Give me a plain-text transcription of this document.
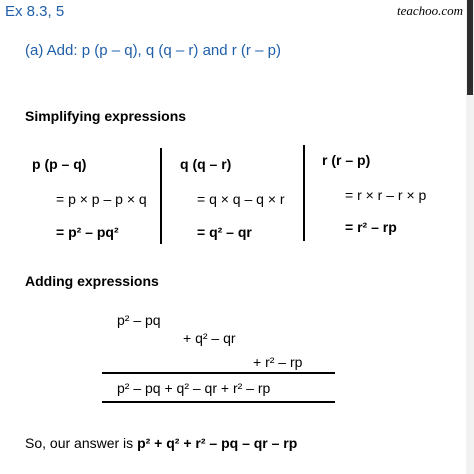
Ex 8.3, 5	teachoo.com
(a) Add: p (p – q), q (q – r) and r (r – p)
Simplifying expressions
p (p – q)
= p × p – p × q
= p² – pq²
q (q – r)
= q × q – q × r
= q² – qr
r (r – p)
= r × r – r × p
= r² – rp
Adding expressions
p² – pq
+ q² – qr
+ r² – rp
p² – pq + q² – qr + r² – rp
So, our answer is p² + q² + r² – pq – qr – rp
